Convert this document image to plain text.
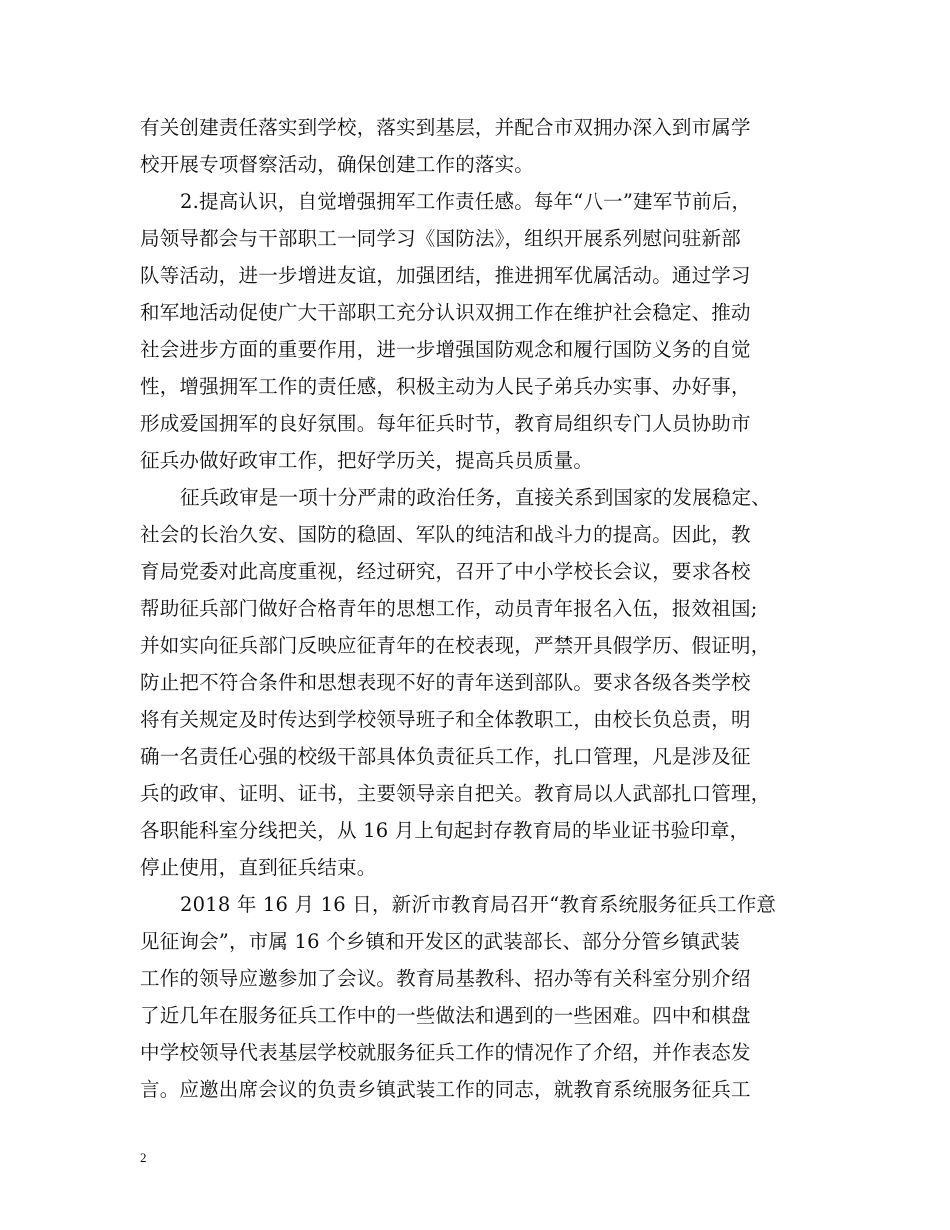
有关创建责任落实到学校，落实到基层，并配合市双拥办深入到市属学
校开展专项督察活动，确保创建工作的落实。
2.提高认识，自觉增强拥军工作责任感。每年“八一”建军节前后，
局领导都会与干部职工一同学习《国防法》，组织开展系列慰问驻新部
队等活动，进一步增进友谊，加强团结，推进拥军优属活动。通过学习
和军地活动促使广大干部职工充分认识双拥工作在维护社会稳定、推动
社会进步方面的重要作用，进一步增强国防观念和履行国防义务的自觉
性，增强拥军工作的责任感，积极主动为人民子弟兵办实事、办好事，
形成爱国拥军的良好氛围。每年征兵时节，教育局组织专门人员协助市
征兵办做好政审工作，把好学历关，提高兵员质量。
征兵政审是一项十分严肃的政治任务，直接关系到国家的发展稳定、
社会的长治久安、国防的稳固、军队的纯洁和战斗力的提高。因此，教
育局党委对此高度重视，经过研究，召开了中小学校长会议，要求各校
帮助征兵部门做好合格青年的思想工作，动员青年报名入伍，报效祖国;
并如实向征兵部门反映应征青年的在校表现，严禁开具假学历、假证明，
防止把不符合条件和思想表现不好的青年送到部队。要求各级各类学校
将有关规定及时传达到学校领导班子和全体教职工，由校长负总责，明
确一名责任心强的校级干部具体负责征兵工作，扎口管理，凡是涉及征
兵的政审、证明、证书，主要领导亲自把关。教育局以人武部扎口管理，
各职能科室分线把关，从 16 月上旬起封存教育局的毕业证书验印章，
停止使用，直到征兵结束。
2018 年 16 月 16 日，新沂市教育局召开“教育系统服务征兵工作意
见征询会”，市属 16 个乡镇和开发区的武装部长、部分分管乡镇武装
工作的领导应邀参加了会议。教育局基教科、招办等有关科室分别介绍
了近几年在服务征兵工作中的一些做法和遇到的一些困难。四中和棋盘
中学校领导代表基层学校就服务征兵工作的情况作了介绍，并作表态发
言。应邀出席会议的负责乡镇武装工作的同志，就教育系统服务征兵工
2
